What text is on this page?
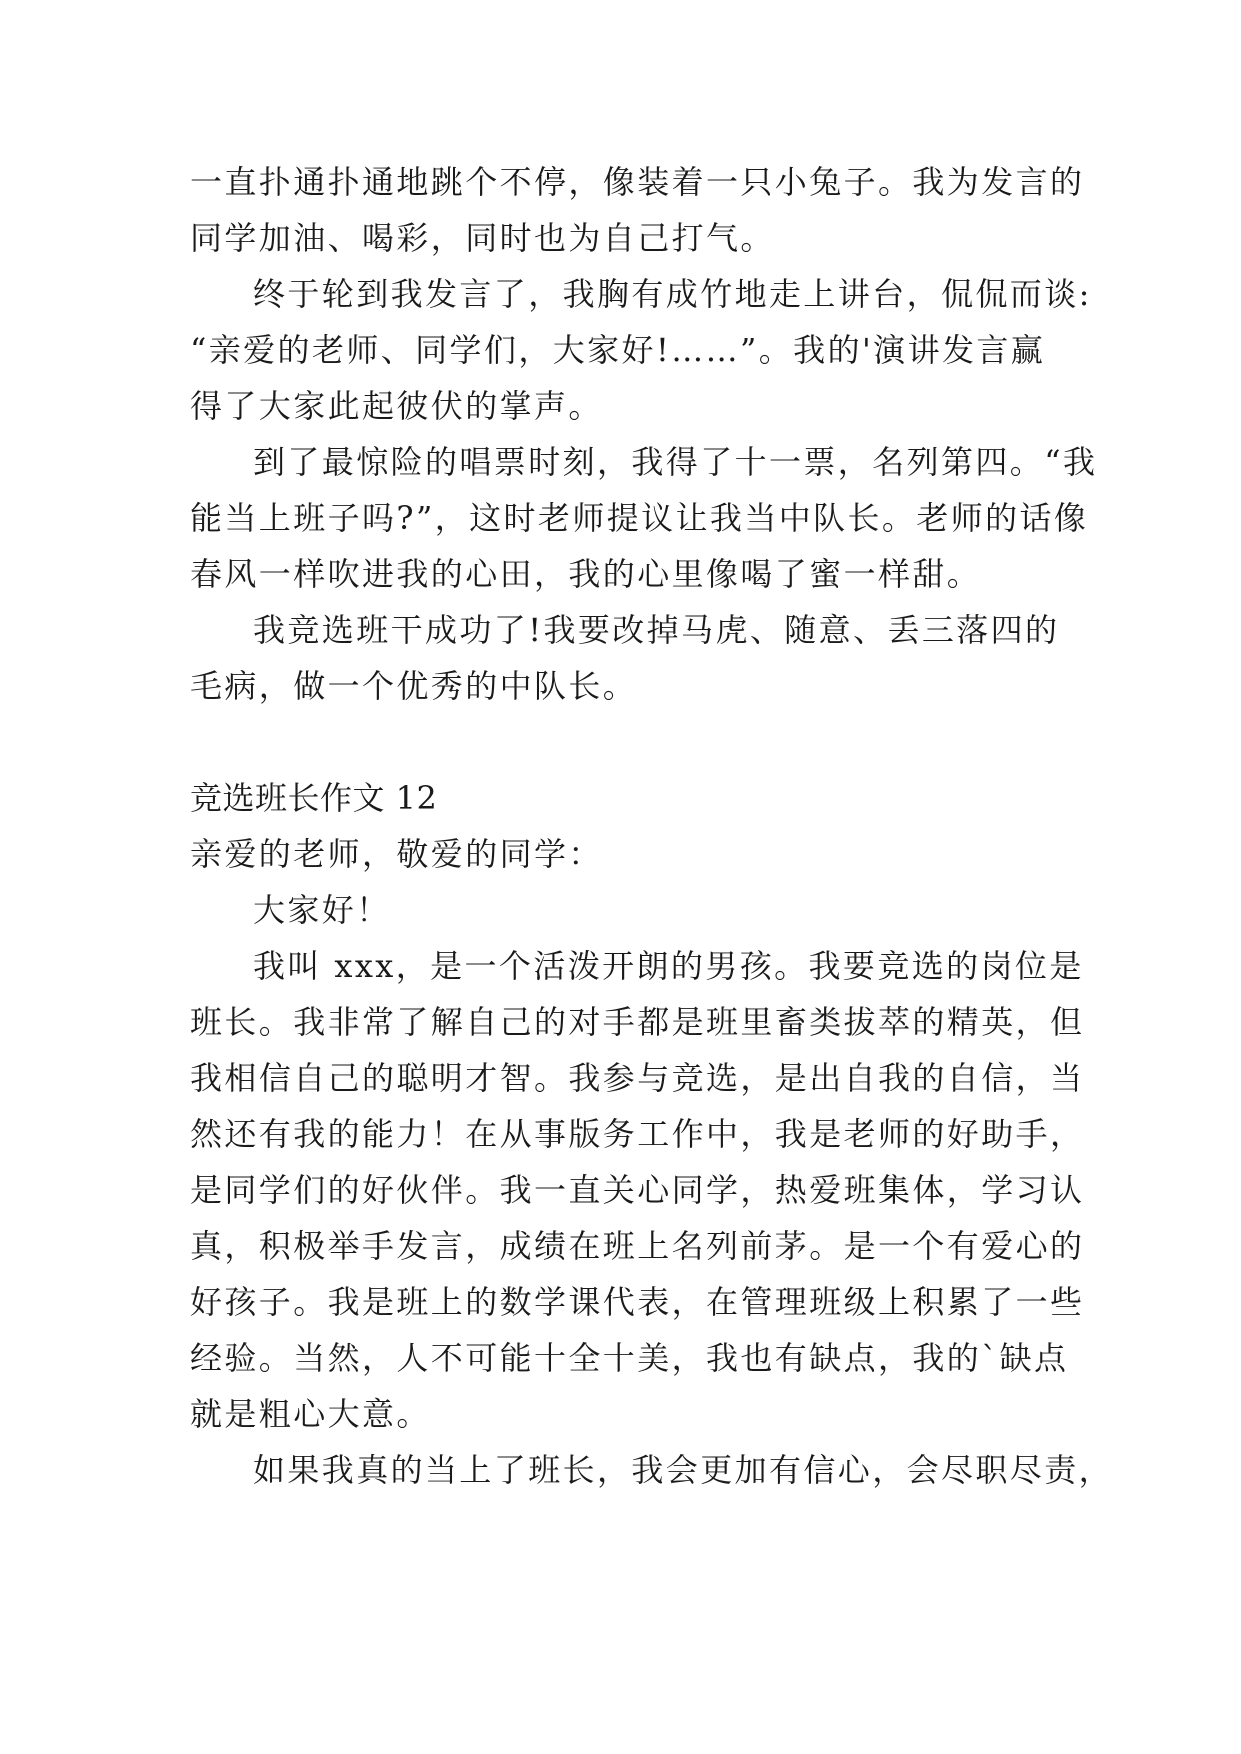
一直扑通扑通地跳个不停，像装着一只小兔子。我为发言的
同学加油、喝彩，同时也为自己打气。
终于轮到我发言了，我胸有成竹地走上讲台，侃侃而谈:
“亲爱的老师、同学们，大家好!……”。我的'演讲发言赢
得了大家此起彼伏的掌声。
到了最惊险的唱票时刻，我得了十一票，名列第四。“我
能当上班子吗?”，这时老师提议让我当中队长。老师的话像
春风一样吹进我的心田，我的心里像喝了蜜一样甜。
我竞选班干成功了!我要改掉马虎、随意、丢三落四的
毛病，做一个优秀的中队长。
竞选班长作文 12
亲爱的老师，敬爱的同学：
大家好！
我叫 xxx，是一个活泼开朗的男孩。我要竞选的岗位是
班长。我非常了解自己的对手都是班里畜类拔萃的精英，但
我相信自己的聪明才智。我参与竞选，是出自我的自信，当
然还有我的能力！在从事版务工作中，我是老师的好助手，
是同学们的好伙伴。我一直关心同学，热爱班集体，学习认
真，积极举手发言，成绩在班上名列前茅。是一个有爱心的
好孩子。我是班上的数学课代表，在管理班级上积累了一些
经验。当然，人不可能十全十美，我也有缺点，我的`缺点
就是粗心大意。
如果我真的当上了班长，我会更加有信心，会尽职尽责，
